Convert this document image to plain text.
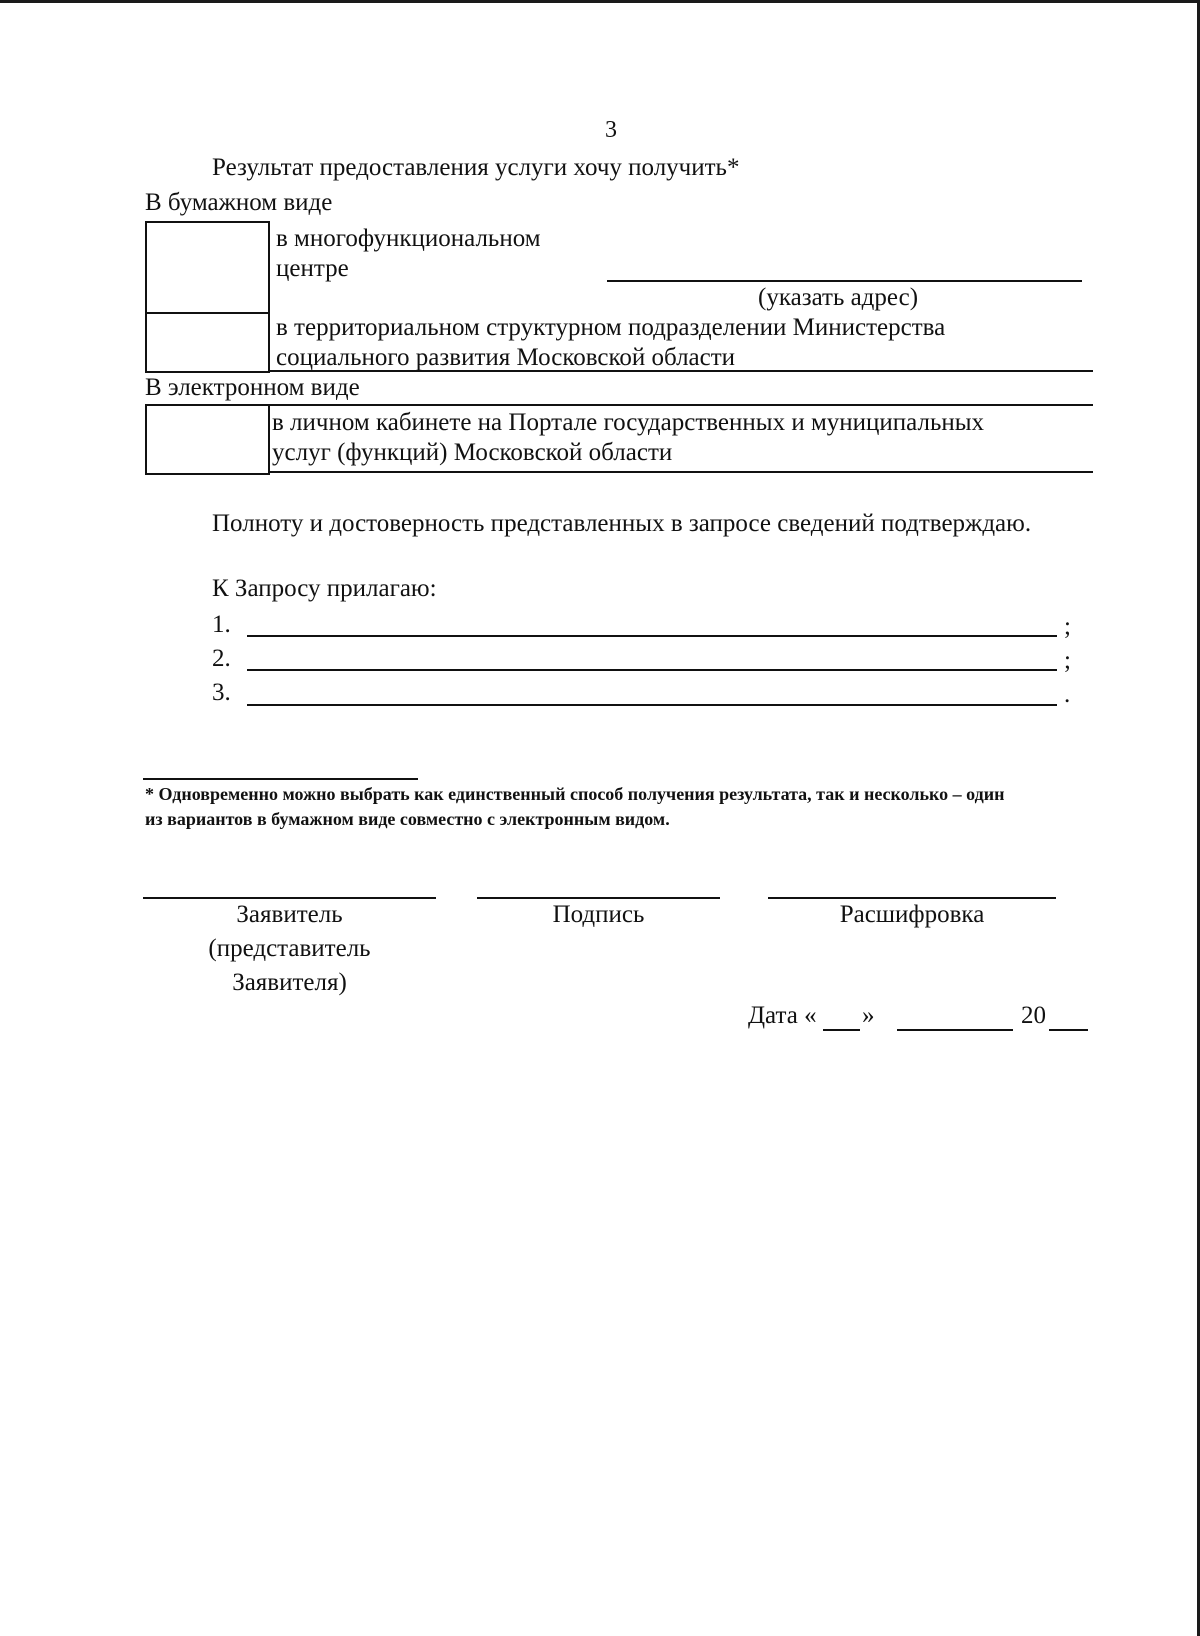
3
Результат предоставления услуги хочу получить*
В бумажном виде
в многофункциональном
центре
(указать адрес)
в территориальном структурном подразделении Министерства
социального развития Московской области
В электронном виде
в личном кабинете на Портале государственных и муниципальных
услуг (функций) Московской области
Полноту и достоверность представленных в запросе сведений подтверждаю.
К Запросу прилагаю:
1.	;
2.	;
3.	.
* Одновременно можно выбрать как единственный способ получения результата, так и несколько – один
из вариантов в бумажном виде совместно с электронным видом.
Заявитель
(представитель
Заявителя)
Подпись	Расшифровка
Дата « »	20
